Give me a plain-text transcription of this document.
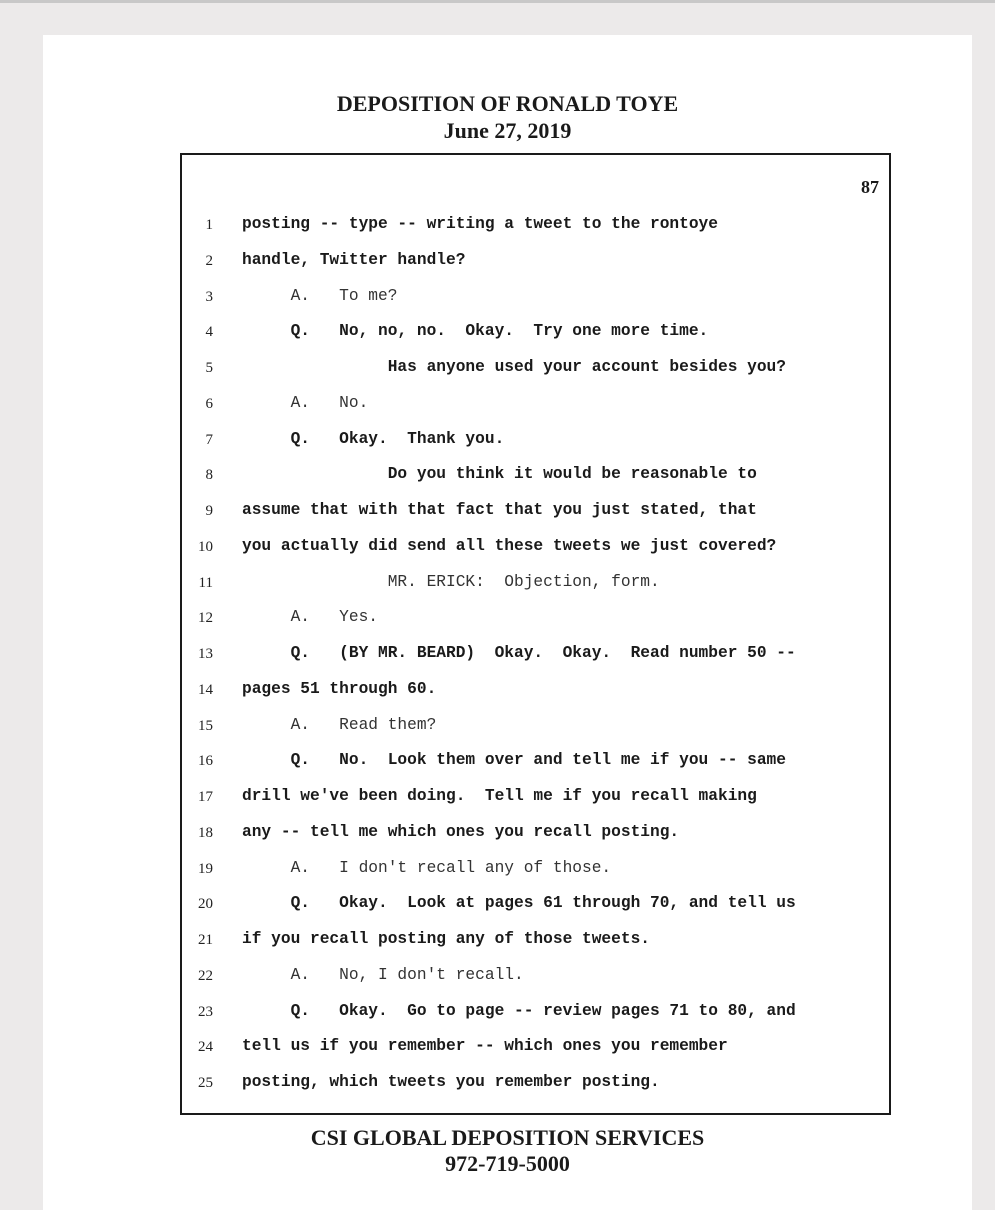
DEPOSITION OF RONALD TOYE
June 27, 2019
87
1 posting -- type -- writing a tweet to the rontoye
2 handle, Twitter handle?
3 A.   To me?
4 Q.   No, no, no.  Okay.  Try one more time.
5 Has anyone used your account besides you?
6 A.   No.
7 Q.   Okay.  Thank you.
8 Do you think it would be reasonable to
9 assume that with that fact that you just stated, that
10 you actually did send all these tweets we just covered?
11 MR. ERICK:  Objection, form.
12 A.   Yes.
13 Q.   (BY MR. BEARD)  Okay.  Okay.  Read number 50 --
14 pages 51 through 60.
15 A.   Read them?
16 Q.   No.  Look them over and tell me if you -- same
17 drill we've been doing.  Tell me if you recall making
18 any -- tell me which ones you recall posting.
19 A.   I don't recall any of those.
20 Q.   Okay.  Look at pages 61 through 70, and tell us
21 if you recall posting any of those tweets.
22 A.   No, I don't recall.
23 Q.   Okay.  Go to page -- review pages 71 to 80, and
24 tell us if you remember -- which ones you remember
25 posting, which tweets you remember posting.
CSI GLOBAL DEPOSITION SERVICES
972-719-5000
